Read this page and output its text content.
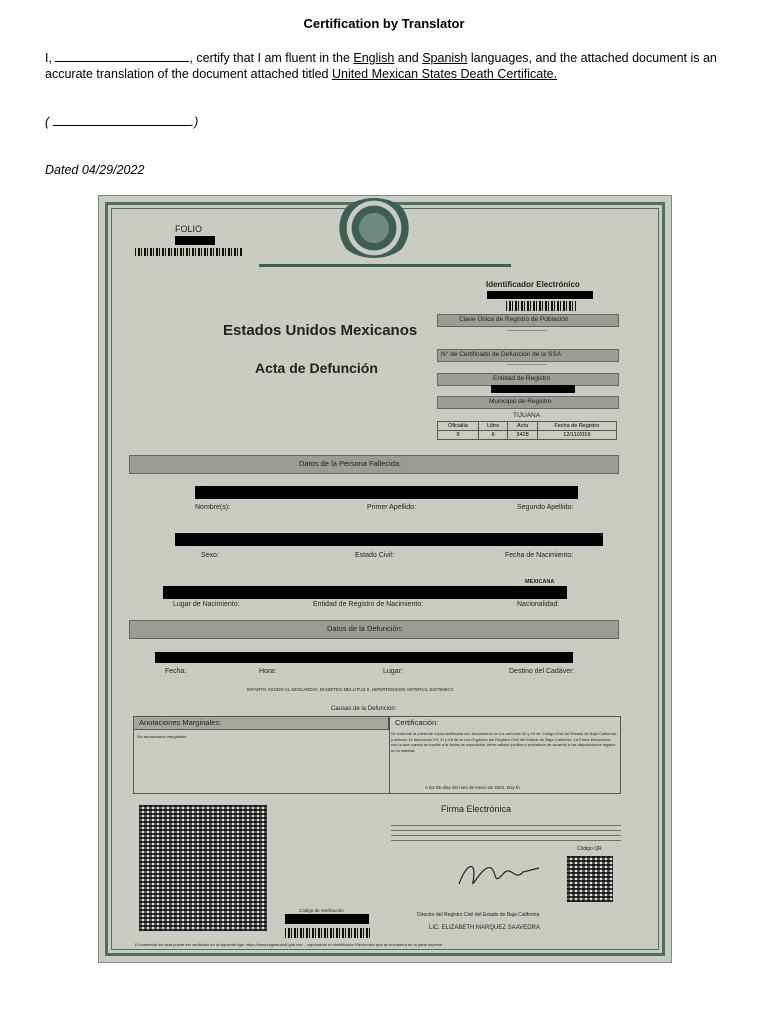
Certification by Translator
I,	, certify that I am fluent in the English and Spanish languages, and the attached document is an accurate translation of the document attached titled United Mexican States Death Certificate.
(	.)
Dated 04/29/2022
FOLIO
Identificador Electrónico
Clave Única de Registro de Población
--------------------
N° de Certificado de Defunción de la SSA
--------------------
Entidad de Registro
Municipio de Registro
TIJUANA
Estados Unidos Mexicanos
Acta de Defunción
Oficialía	Libro	Acta	Fecha de Registro
9	6	3428	12/11/2019
Datos de la Persona Fallecida:
Nombre(s):	Primer Apellido:	Segundo Apellido:
Sexo:	Estado Civil:	Fecha de Nacimiento:
MEXICANA
Lugar de Nacimiento:	Entidad de Registro de Nacimiento:	Nacionalidad:
Datos de la Defunción:
Fecha:	Hora:	Lugar:	Destino del Cadáver:
INFARTO AGUDO AL MIOCARDIO, DIABETES MELLITUS II, HIPERTENSION ARTERIAL SISTEMICA
Causas de la Defunción:
Anotaciones Marginales:
Sin anotaciones marginales.
Certificación:
Se extiende la presente copia certificada con fundamento en los artículos 35 y 44 de Código Civil del Estado de Baja California, y artículo 11 fracciones VII, XI y XII de la Ley Orgánica del Registro Civil del Estado de Baja California. La Firma Electrónica con la que cuenta se expide a la fecha de expedición, tiene validez jurídica y probatoria de acuerdo a las disposiciones legales en la materia.
A los 05 días del mes de enero de 2022, Doy fe.
Firma Electrónica
Código QR
Código de Verificación
Director del Registro Civil del Estado de Baja California
LIC. ELIZABETH MARQUEZ SAAVEDRA
El contenido del acta puede ser verificado en la siguiente liga: https://www.registrocivil.gob.mx/... capturando el identificador Electrónico que se encuentra en la parte superior
